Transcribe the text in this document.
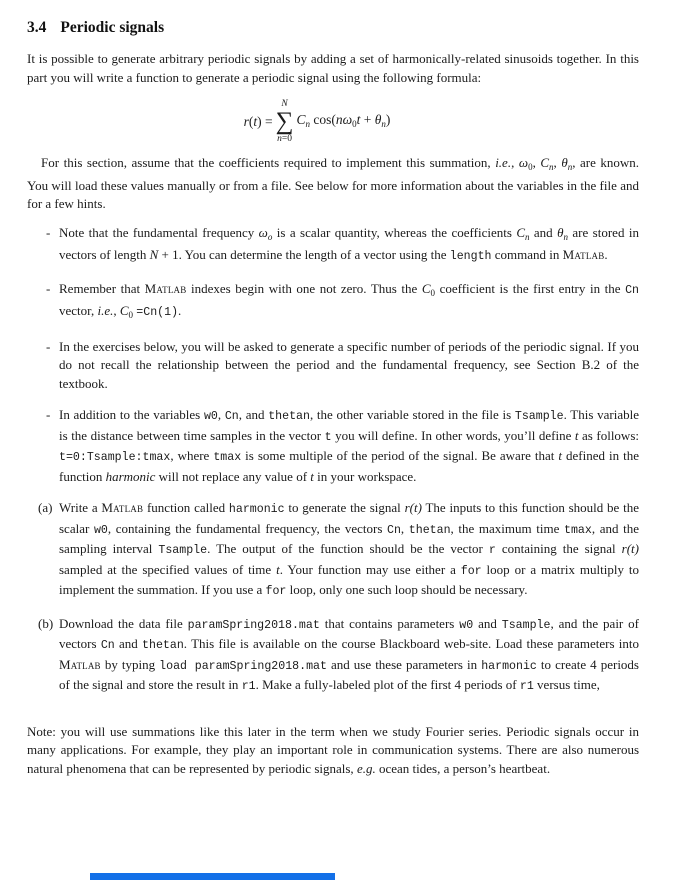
3.4 Periodic signals

It is possible to generate arbitrary periodic signals by adding a set of harmonically-related sinusoids together. In this part you will write a function to generate a periodic signal using the following formula:

r(t) =
N
∑
n=0
$C_n$ $\cos(n\omega_0t + \theta_n)$

For this section, assume that the coefficients required to implement this summation, i.e., $\omega_0$, $C_n$, $\theta_n$, are known. You will load these values manually or from a file. See below for more information about the variables in the file and for a few hints.

- Note that the fundamental frequency $\omega_o$ is a scalar quantity, whereas the coefficients $C_n$ and $\theta_n$ are stored in vectors of length N + 1. You can determine the length of a vector using the length command in Matlab.
- Remember that Matlab indexes begin with one not zero. Thus the $C_0$ coefficient is the first entry in the Cn vector, i.e., $C_0 =Cn(1)$.
- In the exercises below, you will be asked to generate a specific number of periods of the periodic signal. If you do not recall the relationship between the period and the fundamental frequency, see Section B.2 of the textbook.
- In addition to the variables w0, Cn, and thetan, the other variable stored in the file is Tsample. This variable is the distance between time samples in the vector t you will define. In other words, you’ll define t as follows: t=0:Tsample:tmax, where tmax is some multiple of the period of the signal. Be aware that t defined in the function harmonic will not replace any value of t in your workspace.
(a) Write a Matlab function called harmonic to generate the signal r(t) The inputs to this function should be the scalar w0, containing the fundamental frequency, the vectors Cn, thetan, the maximum time tmax, and the sampling interval Tsample. The output of the function should be the vector r containing the signal r(t) sampled at the specified values of time t. Your function may use either a for loop or a matrix multiply to implement the summation. If you use a for loop, only one such loop should be necessary.
(b) Download the data file paramSpring2018.mat that contains parameters w0 and Tsample, and the pair of vectors Cn and thetan. This file is available on the course Blackboard web-site. Load these parameters into Matlab by typing load paramSpring2018.mat and use these parameters in harmonic to create 4 periods of the signal and store the result in r1. Make a fully-labeled plot of the first 4 periods of r1 versus time,

Note: you will use summations like this later in the term when we study Fourier series. Periodic signals occur in many applications. For example, they play an important role in communication systems. There are also numerous natural phenomena that can be represented by periodic signals, e.g. ocean tides, a person’s heartbeat.
